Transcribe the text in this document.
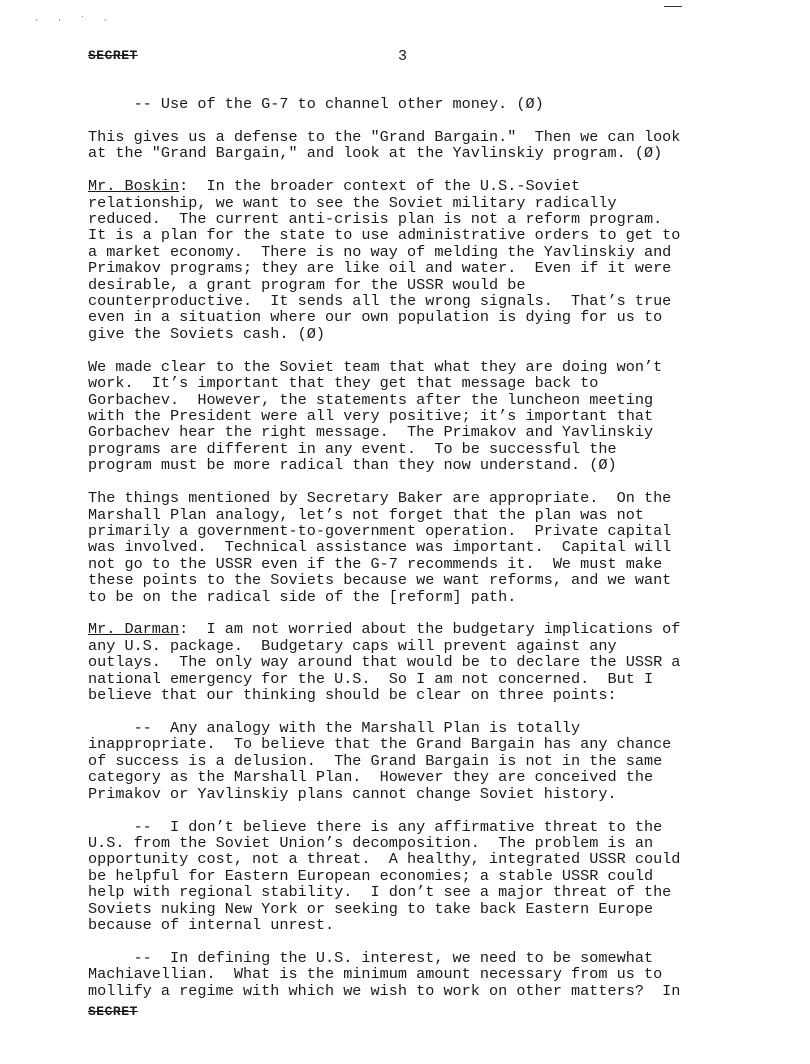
· · ˙ ·
SECRET	3
-- Use of the G-7 to channel other money. (Ø)
This gives us a defense to the "Grand Bargain."  Then we can look
at the "Grand Bargain," and look at the Yavlinskiy program. (Ø)
Mr. Boskin:  In the broader context of the U.S.-Soviet
relationship, we want to see the Soviet military radically
reduced.  The current anti-crisis plan is not a reform program.
It is a plan for the state to use administrative orders to get to
a market economy.  There is no way of melding the Yavlinskiy and
Primakov programs; they are like oil and water.  Even if it were
desirable, a grant program for the USSR would be
counterproductive.  It sends all the wrong signals.  That’s true
even in a situation where our own population is dying for us to
give the Soviets cash. (Ø)
We made clear to the Soviet team that what they are doing won’t
work.  It’s important that they get that message back to
Gorbachev.  However, the statements after the luncheon meeting
with the President were all very positive; it’s important that
Gorbachev hear the right message.  The Primakov and Yavlinskiy
programs are different in any event.  To be successful the
program must be more radical than they now understand. (Ø)
The things mentioned by Secretary Baker are appropriate.  On the
Marshall Plan analogy, let’s not forget that the plan was not
primarily a government-to-government operation.  Private capital
was involved.  Technical assistance was important.  Capital will
not go to the USSR even if the G-7 recommends it.  We must make
these points to the Soviets because we want reforms, and we want
to be on the radical side of the [reform] path.
Mr. Darman:  I am not worried about the budgetary implications of
any U.S. package.  Budgetary caps will prevent against any
outlays.  The only way around that would be to declare the USSR a
national emergency for the U.S.  So I am not concerned.  But I
believe that our thinking should be clear on three points:
--  Any analogy with the Marshall Plan is totally
inappropriate.  To believe that the Grand Bargain has any chance
of success is a delusion.  The Grand Bargain is not in the same
category as the Marshall Plan.  However they are conceived the
Primakov or Yavlinskiy plans cannot change Soviet history.
--  I don’t believe there is any affirmative threat to the
U.S. from the Soviet Union’s decomposition.  The problem is an
opportunity cost, not a threat.  A healthy, integrated USSR could
be helpful for Eastern European economies; a stable USSR could
help with regional stability.  I don’t see a major threat of the
Soviets nuking New York or seeking to take back Eastern Europe
because of internal unrest.
--  In defining the U.S. interest, we need to be somewhat
Machiavellian.  What is the minimum amount necessary from us to
mollify a regime with which we wish to work on other matters?  In
SECRET
